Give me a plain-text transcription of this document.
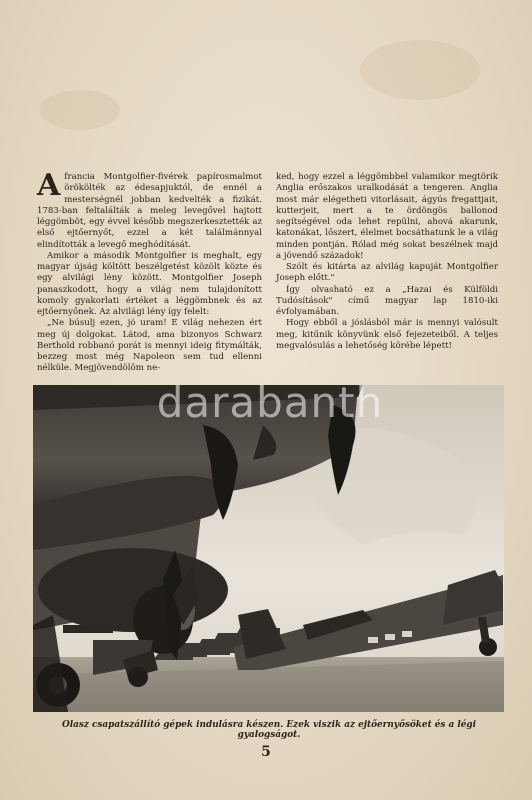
Afrancia Montgolfier-fivérek papírosmalmot örökölték az édesapjuktól, de ennél a mesterségnél jobban kedvelték a fizikát. 1783-ban feltalálták a meleg levegővel hajtott léggömböt, egy évvel később megszerkesztették az első ejtőernyőt, ezzel a két találmánnyal elindították a levegő meghódítását.

Amikor a második Montgolfier is meghalt, egy magyar újság költött beszélgetést közölt közte és egy alvilági lény között. Montgolfier Joseph panaszkodott, hogy a világ nem tulajdonított komoly gyakorlati értéket a léggömbnek és az ejtőernyőnek. Az alvilági lény így felelt:

„Ne búsulj ezen, jó uram! E világ nehezen ért meg új dolgokat. Látod, ama bizonyos Schwarz Berthold robbanó porát is mennyi ideig fitymálták, bezzeg most még Napoleon sem tud ellenni nélküle. Megjövendölöm ne-

ked, hogy ezzel a léggömbbel valamikor megtörik Anglia erőszakos uralkodását a tengeren. Anglia most már elégetheti vitorlásait, ágyús fregattjait, kutterjeit, mert a te ördöngös ballonod segítségével oda lehet repülni, ahová akarunk, katonákat, lőszert, élelmet bocsáthatunk le a világ minden pontján. Rólad még sokat beszélnek majd a jövendő századok!

Szólt és kitárta az alvilág kapuját Montgolfier Joseph előtt."

Így olvasható ez a „Hazai és Külföldi Tudósítások" című magyar lap 1810-iki évfolyamában.

Hogy ebből a jóslásból már is mennyi valósult meg, kitűnik könyvünk első fejezeteiből. A teljes megvalósulás a lehetőség körébe lépett!

darabanth
Olasz csapatszállító gépek indulásra készen. Ezek viszik az ejtőernyősöket és a légi gyalogságot.
5
